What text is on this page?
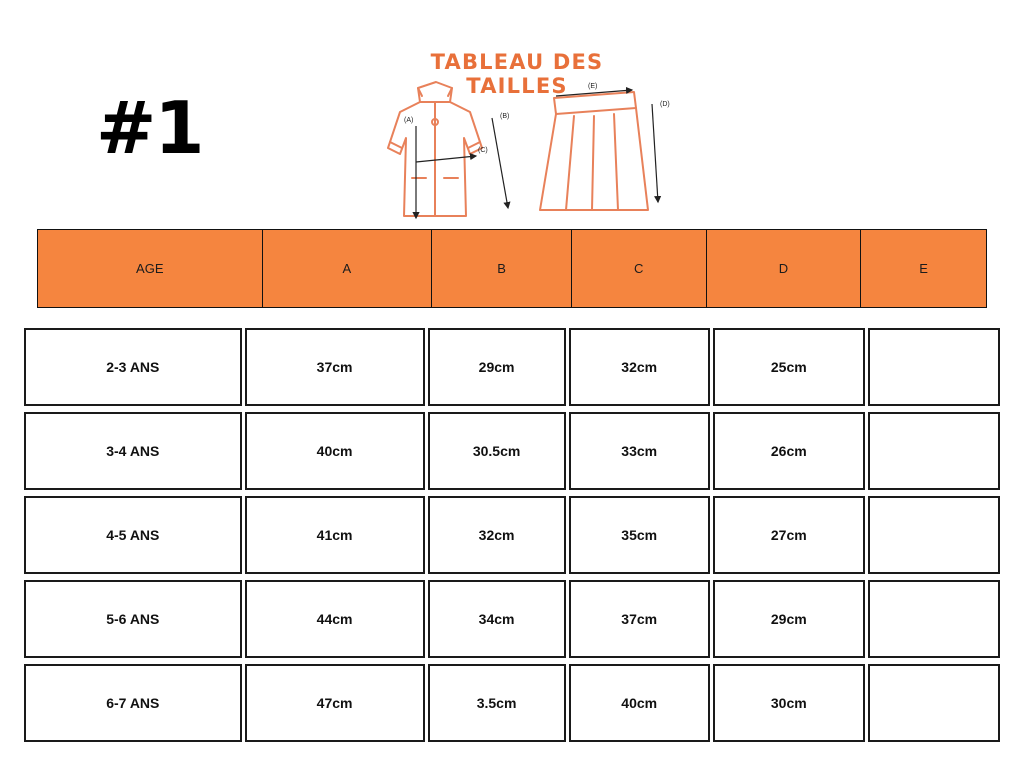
#1
TABLEAU DES TAILLES
(A)
(B)
(C)
(E)
(D)
AGE	A	B	C	D	E
2-3 ANS	37cm	29cm	32cm	25cm
3-4 ANS	40cm	30.5cm	33cm	26cm
4-5 ANS	41cm	32cm	35cm	27cm
5-6 ANS	44cm	34cm	37cm	29cm
6-7 ANS	47cm	3.5cm	40cm	30cm
